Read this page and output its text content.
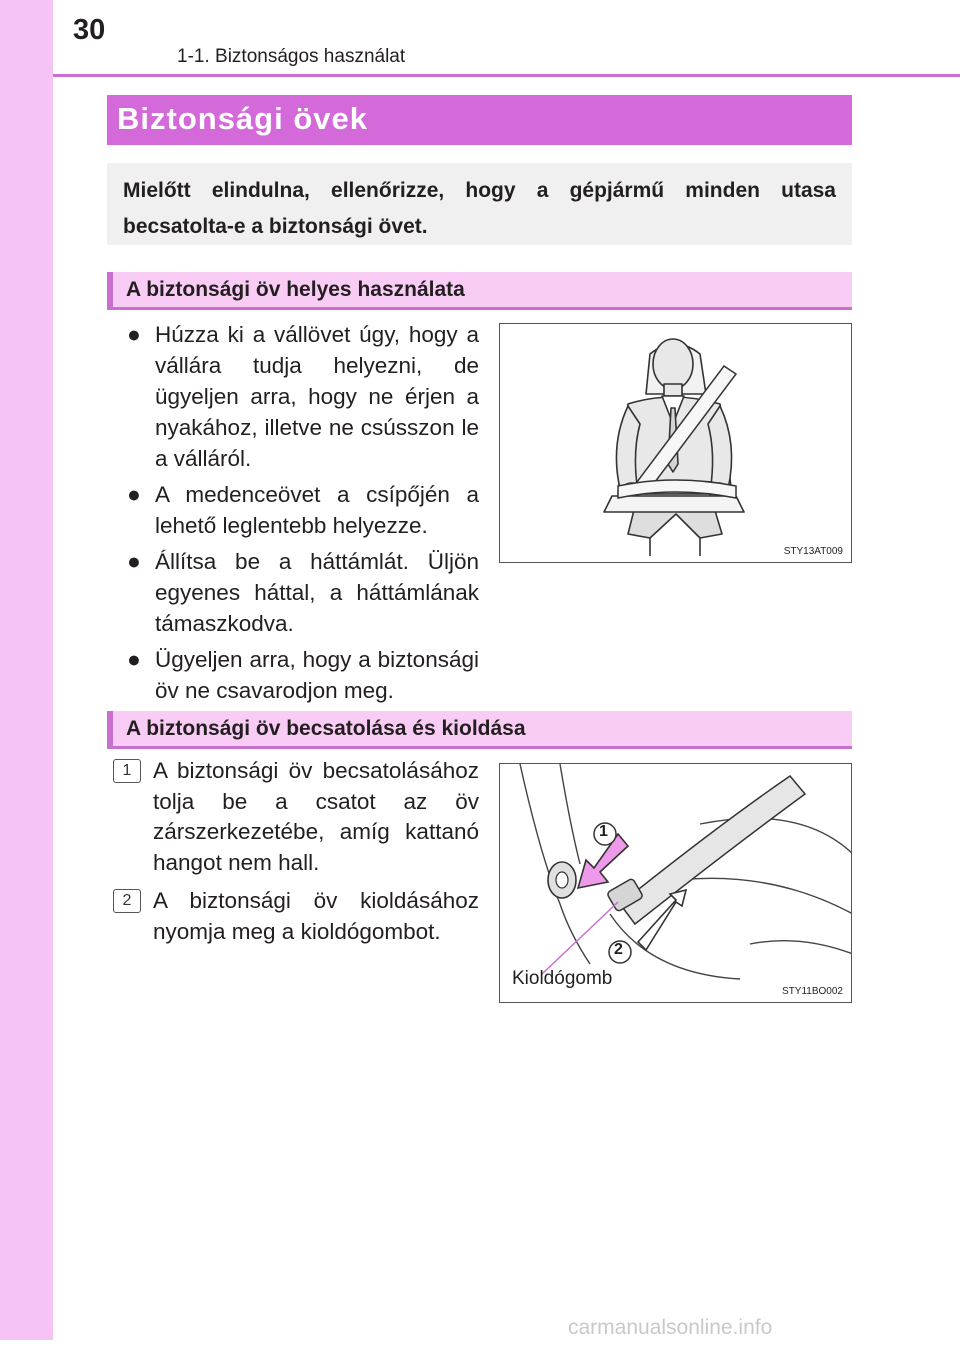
30
1-1. Biztonságos használat
Biztonsági övek

Mielőtt elindulna, ellenőrizze, hogy a gépjármű minden utasa becsatolta-e a biztonsági övet.

A biztonsági öv helyes használata
● Húzza ki a vállövet úgy, hogy a vállára tudja helyezni, de ügyeljen arra, hogy ne érjen a nyakához, illetve ne csússzon le a válláról.
● A medenceövet a csípőjén a lehető leglentebb helyezze.
● Állítsa be a háttámlát. Üljön egyenes háttal, a háttámlának támaszkodva.
● Ügyeljen arra, hogy a biztonsági öv ne csavarodjon meg.
STY13AT009
A biztonsági öv becsatolása és kioldása
1 A biztonsági öv becsatolásához tolja be a csatot az öv zárszerkezetébe, amíg kattanó hangot nem hall.
2 A biztonsági öv kioldásához nyomja meg a kioldógombot.
1
2
Kioldógomb
STY11BO002
carmanualsonline.info
